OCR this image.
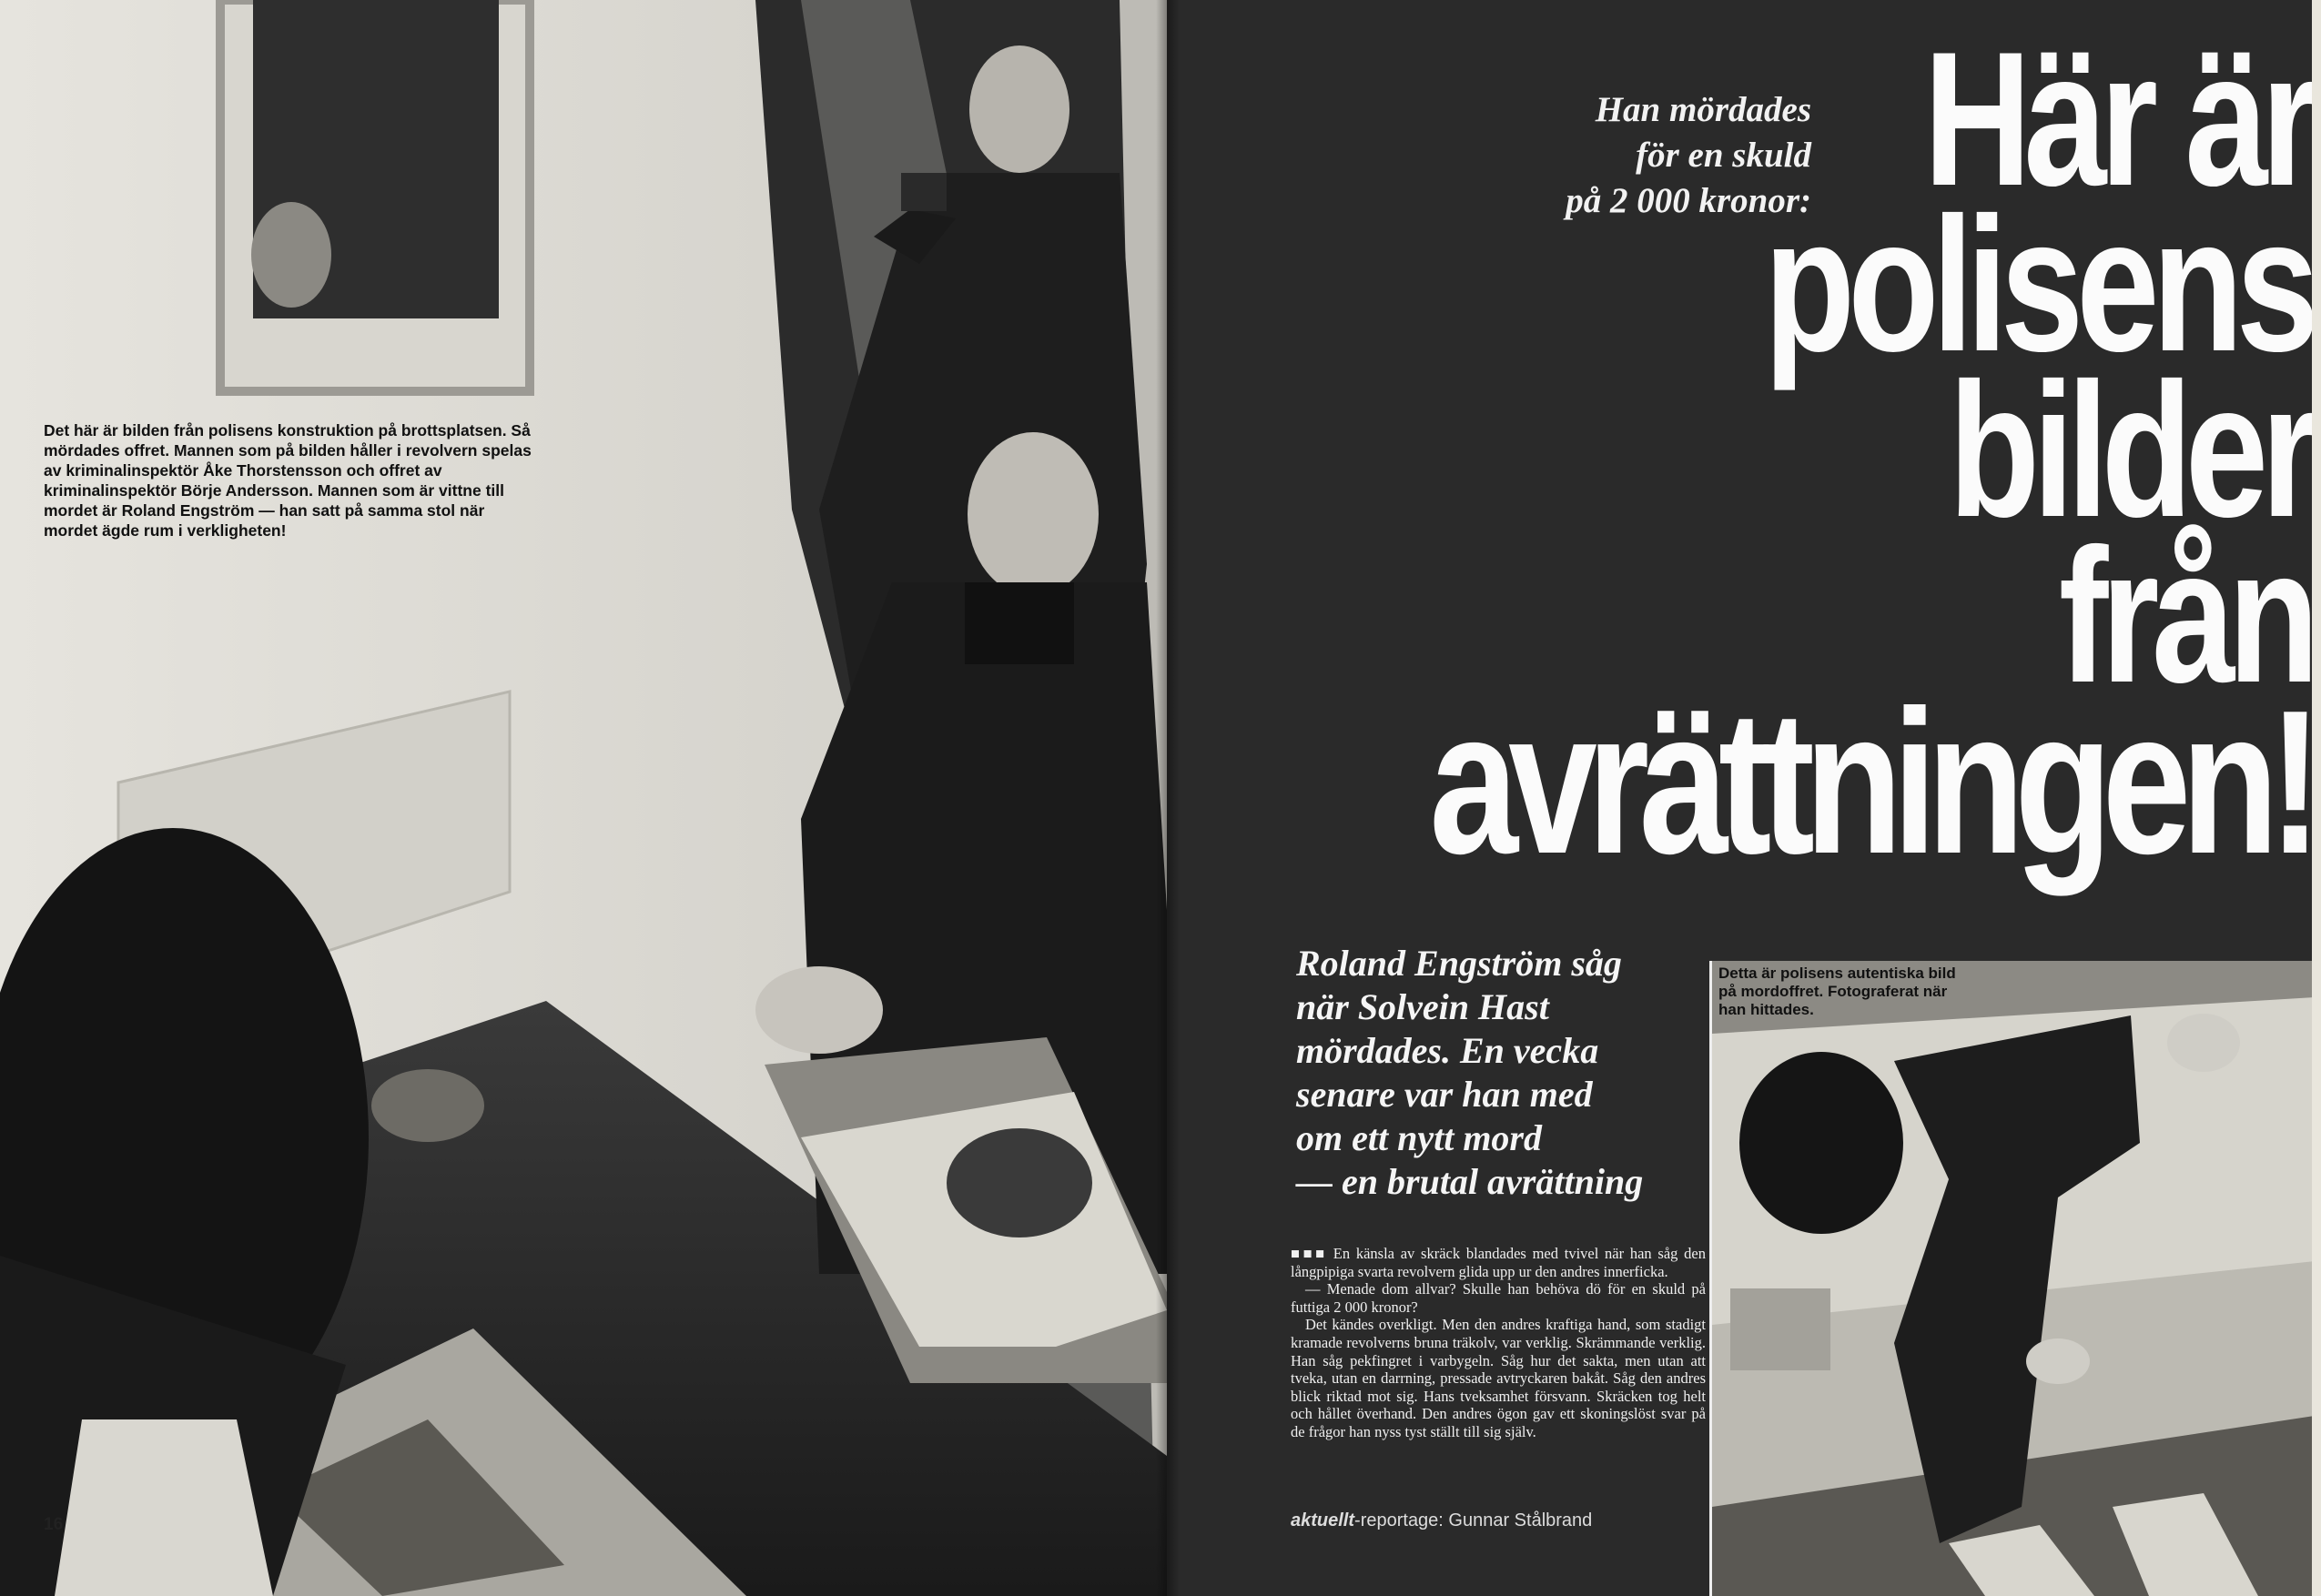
Det här är bilden från polisens konstruktion på brottsplatsen. Så mördades offret. Mannen som på bilden håller i revolvern spelas av kriminalinspektör Åke Thorstensson och offret av kriminalinspektör Börje Andersson. Mannen som är vittne till mordet är Roland Engström — han satt på samma stol när mordet ägde rum i verkligheten!
16
Han mördades
för en skuld
på 2 000 kronor: Här är
polisens
bilder
från
avrättningen!
Roland Engström såg
när Solvein Hast
mördades. En vecka
senare var han med
om ett nytt mord
— en brutal avrättning

■■■ En känsla av skräck blandades med tvivel när han såg den långpipiga svarta revolvern glida upp ur den andres innerficka.

— Menade dom allvar? Skulle han behöva dö för en skuld på futtiga 2 000 kronor?

Det kändes overkligt. Men den andres kraftiga hand, som stadigt kramade revolverns bruna träkolv, var verklig. Skrämmande verklig. Han såg pekfingret i varbygeln. Såg hur det sakta, men utan att tveka, utan en darrning, pressade avtryckaren bakåt. Såg den andres blick riktad mot sig. Hans tveksamhet försvann. Skräcken tog helt och hållet överhand. Den andres ögon gav ett skoningslöst svar på de frågor han nyss tyst ställt till sig själv.

aktuellt-reportage: Gunnar Stålbrand
Detta är polisens autentiska bild på mordoffret. Fotograferat när han hittades.
